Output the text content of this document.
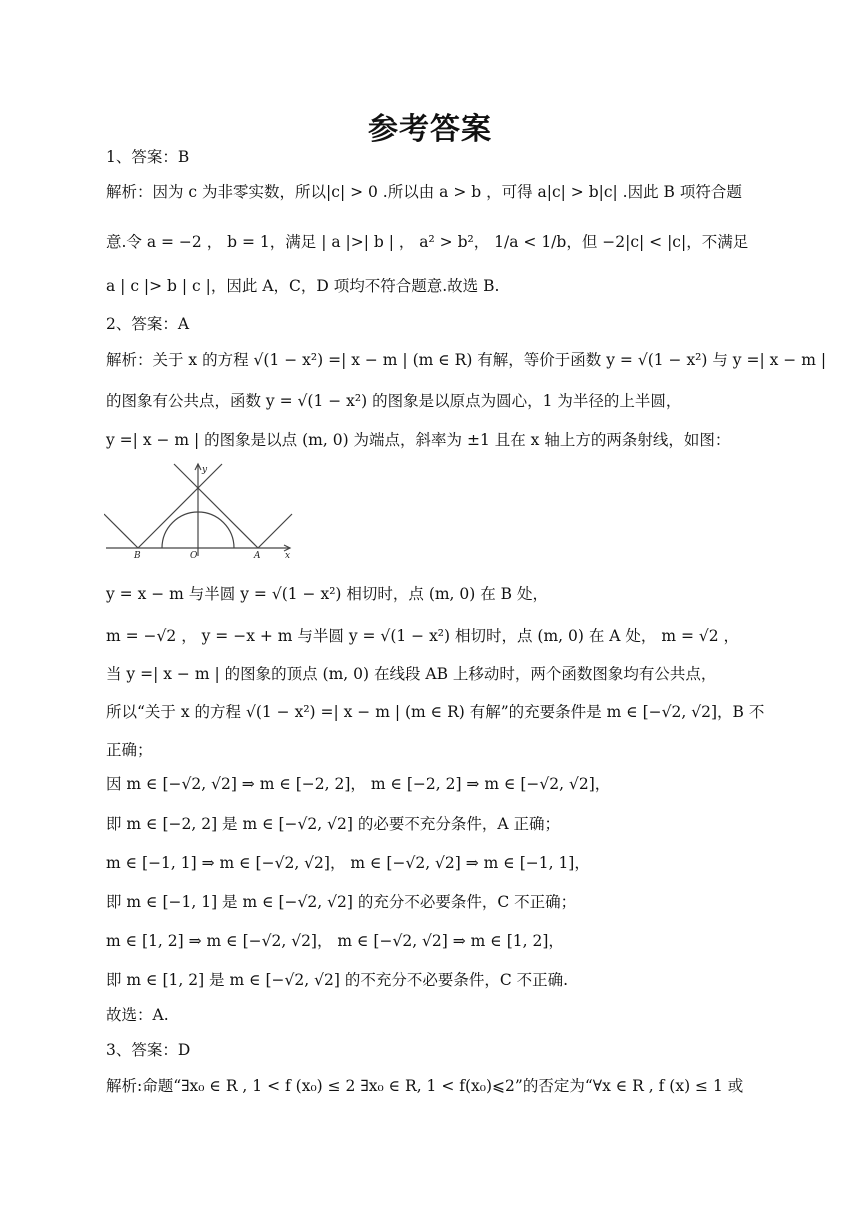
参考答案
1、答案：B
解析：因为 c 为非零实数，所以|c| > 0 .所以由 a > b ，可得 a|c| > b|c| .因此 B 项符合题
意.令 a = −2 ， b = 1，满足 | a |>| b | ， a² > b²， 1/a < 1/b，但 −2|c| < |c|，不满足
a | c |> b | c |，因此 A，C，D 项均不符合题意.故选 B.
2、答案：A
解析：关于 x 的方程 √(1 − x²) =| x − m | (m ∈ R) 有解，等价于函数 y = √(1 − x²) 与 y =| x − m |
的图象有公共点，函数 y = √(1 − x²) 的图象是以原点为圆心，1 为半径的上半圆，
y =| x − m | 的图象是以点 (m, 0) 为端点，斜率为 ±1 且在 x 轴上方的两条射线，如图：
y
x
O
B	A
y = x − m 与半圆 y = √(1 − x²) 相切时，点 (m, 0) 在 B 处，
m = −√2 ， y = −x + m 与半圆 y = √(1 − x²) 相切时，点 (m, 0) 在 A 处， m = √2 ，
当 y =| x − m | 的图象的顶点 (m, 0) 在线段 AB 上移动时，两个函数图象均有公共点，
所以“关于 x 的方程 √(1 − x²) =| x − m | (m ∈ R) 有解”的充要条件是 m ∈ [−√2, √2]，B 不
正确；
因 m ∈ [−√2, √2] ⇒ m ∈ [−2, 2]， m ∈ [−2, 2] ⇒ m ∈ [−√2, √2]，
即 m ∈ [−2, 2] 是 m ∈ [−√2, √2] 的必要不充分条件，A 正确；
m ∈ [−1, 1] ⇒ m ∈ [−√2, √2]， m ∈ [−√2, √2] ⇒ m ∈ [−1, 1]，
即 m ∈ [−1, 1] 是 m ∈ [−√2, √2] 的充分不必要条件，C 不正确；
m ∈ [1, 2] ⇒ m ∈ [−√2, √2]， m ∈ [−√2, √2] ⇒ m ∈ [1, 2]，
即 m ∈ [1, 2] 是 m ∈ [−√2, √2] 的不充分不必要条件，C 不正确.
故选：A.
3、答案：D
解析:命题“∃x₀ ∈ R , 1 < f (x₀) ≤ 2 ∃x₀ ∈ R, 1 < f(x₀)⩽2”的否定为“∀x ∈ R , f (x) ≤ 1 或
